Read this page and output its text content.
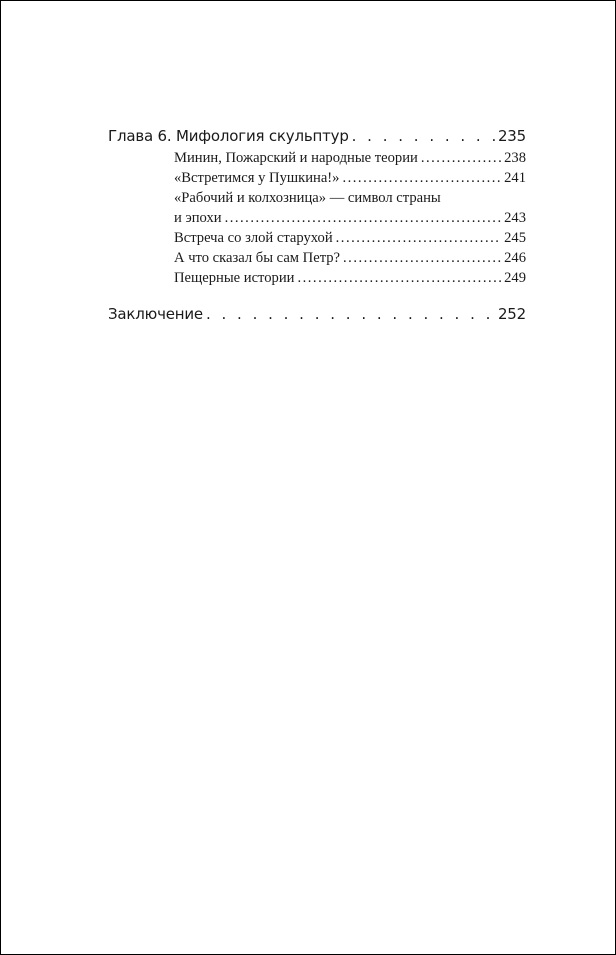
Глава 6. Мифология скульптур . . .	235
Минин, Пожарский и народные теории .....	238
«Встретимся у Пушкина!» .....	241
«Рабочий и колхозница» — символ страны
и эпохи .....	243
Встреча со злой старухой .....	245
А что сказал бы сам Петр? .....	246
Пещерные истории .....	249
Заключение . . .	252
